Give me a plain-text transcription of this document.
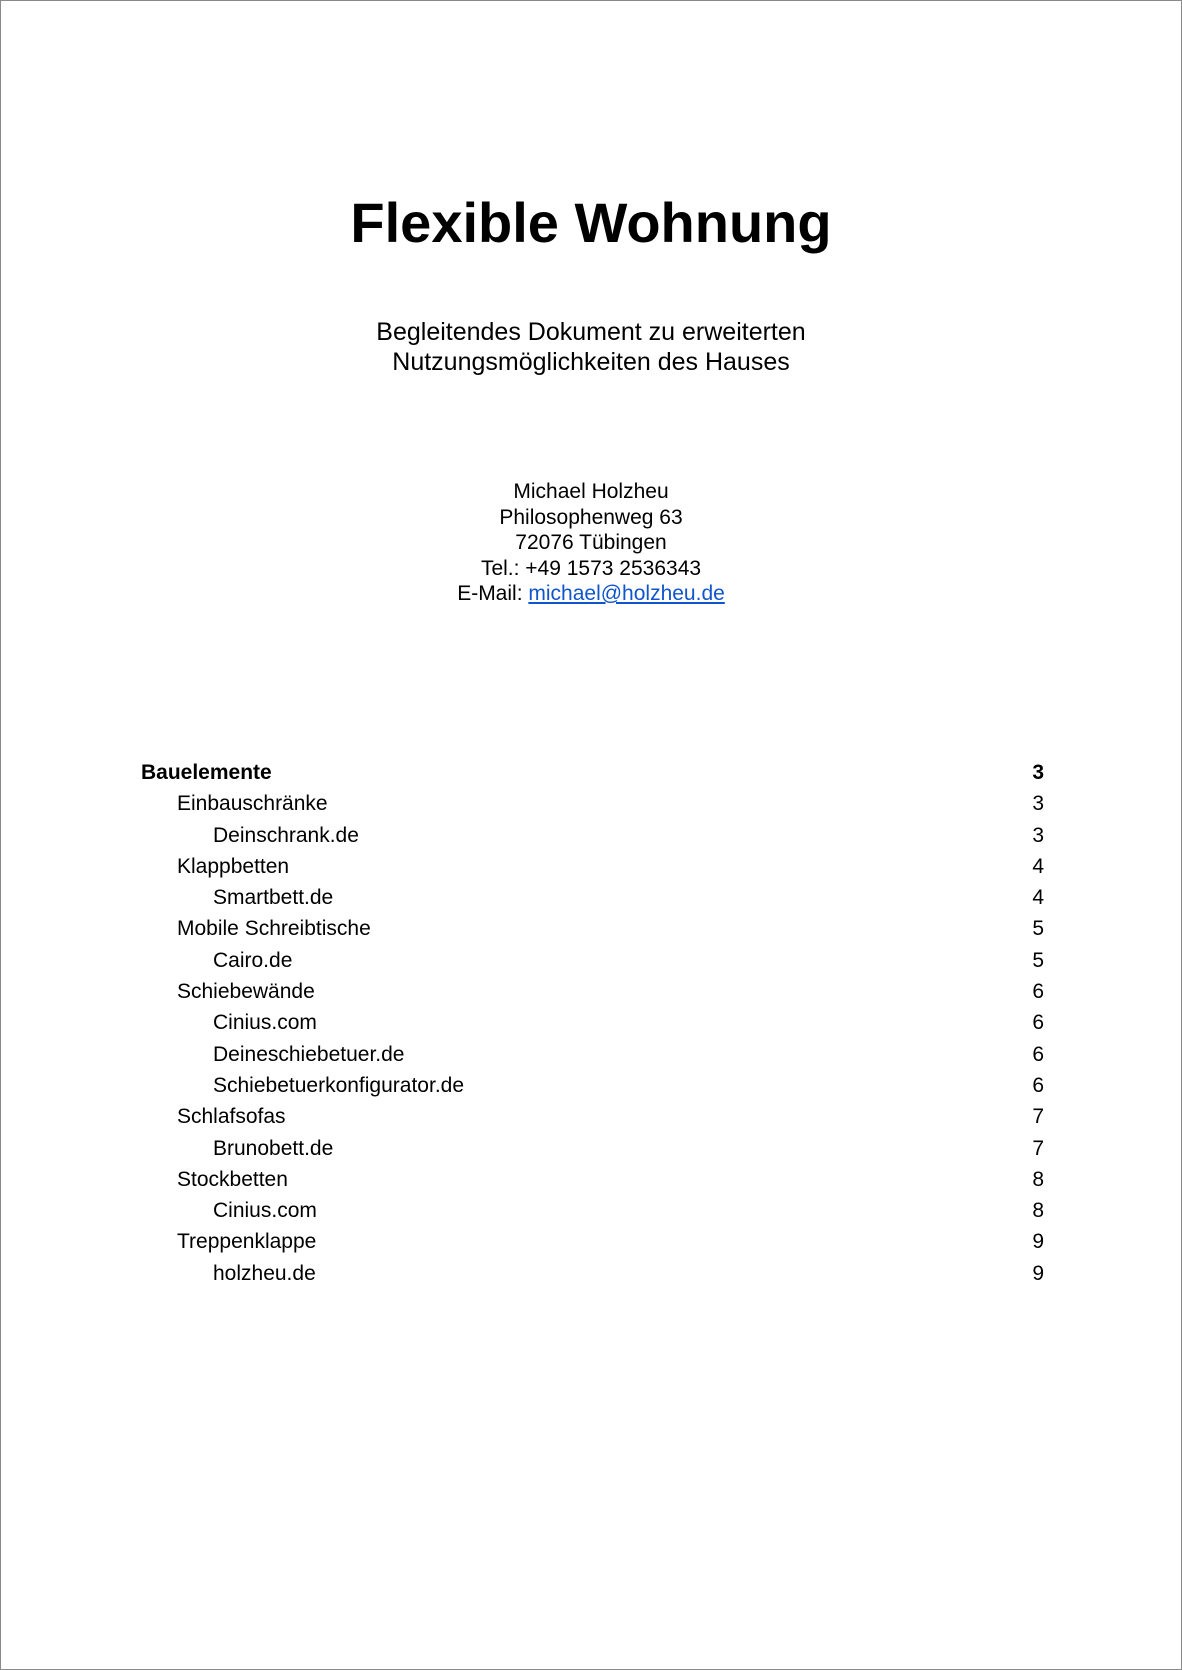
Flexible Wohnung
Begleitendes Dokument zu erweiterten
Nutzungsmöglichkeiten des Hauses
Michael Holzheu
Philosophenweg 63
72076 Tübingen
Tel.: +49 1573 2536343
E-Mail: michael@holzheu.de
Bauelemente	3
Einbauschränke	3
Deinschrank.de	3
Klappbetten	4
Smartbett.de	4
Mobile Schreibtische	5
Cairo.de	5
Schiebewände	6
Cinius.com	6
Deineschiebetuer.de	6
Schiebetuerkonfigurator.de	6
Schlafsofas	7
Brunobett.de	7
Stockbetten	8
Cinius.com	8
Treppenklappe	9
holzheu.de	9
